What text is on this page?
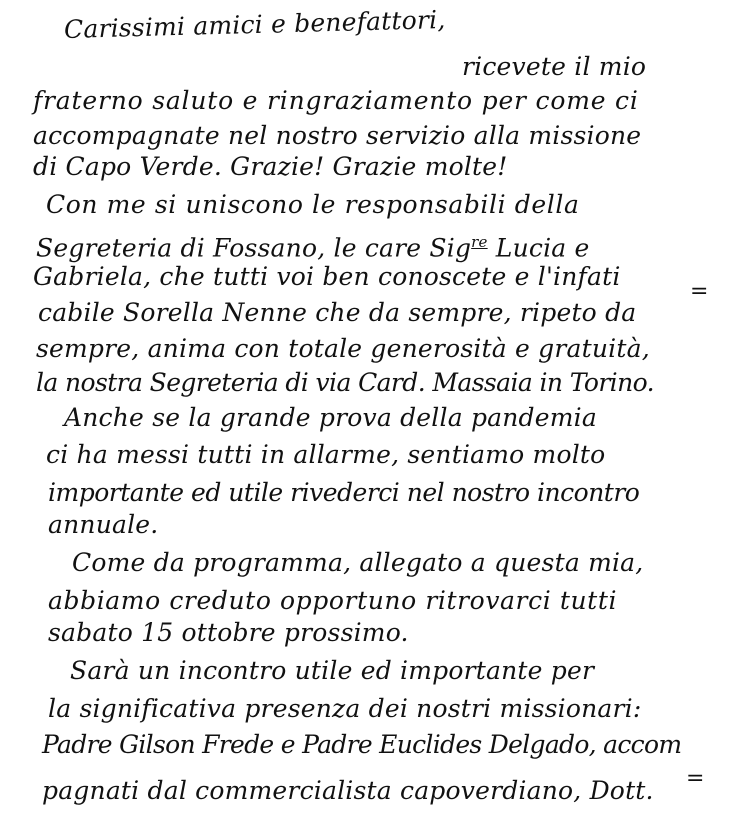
Carissimi amici e benefattori,
ricevete il mio
fraterno saluto e ringraziamento per come ci
accompagnate nel nostro servizio alla missione
di Capo Verde. Grazie! Grazie molte!
Con me si uniscono le responsabili della
Segreteria di Fossano, le care Sig$^{re}$ Lucia e
Gabriela, che tutti voi ben conoscete e l'infati
=
cabile Sorella Nenne che da sempre, ripeto da
sempre, anima con totale generosità e gratuità,
la nostra Segreteria di via Card. Massaia in Torino.
Anche se la grande prova della pandemia
ci ha messi tutti in allarme, sentiamo molto
importante ed utile rivederci nel nostro incontro
annuale.
Come da programma, allegato a questa mia,
abbiamo creduto opportuno ritrovarci tutti
sabato 15 ottobre prossimo.
Sarà un incontro utile ed importante per
la significativa presenza dei nostri missionari:
Padre Gilson Frede e Padre Euclides Delgado, accom
=
pagnati dal commercialista capoverdiano, Dott.
